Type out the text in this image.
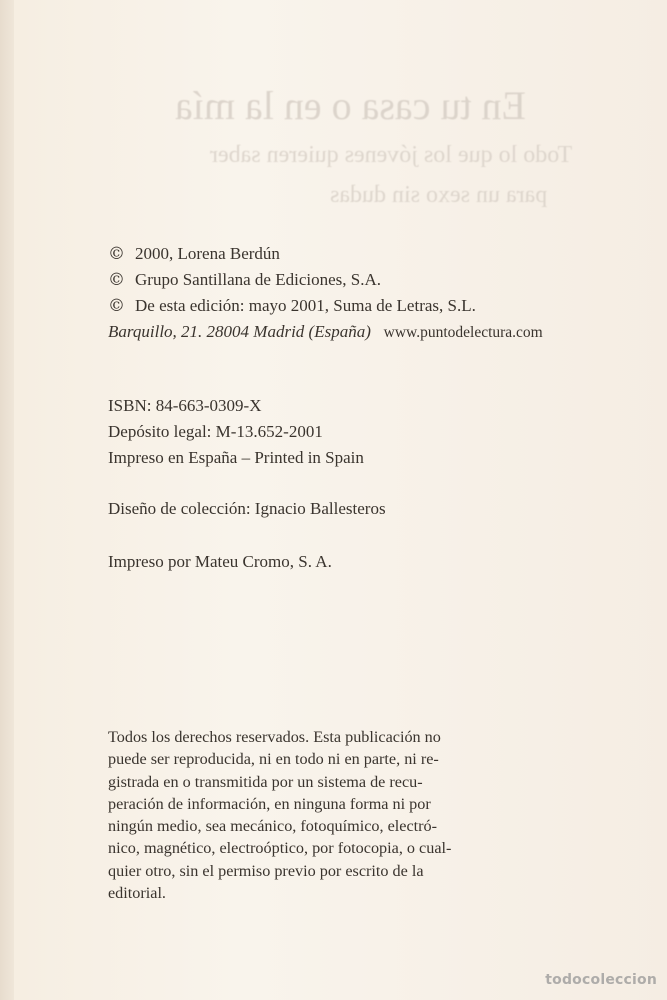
En tu casa o en la mía
Todo lo que los jóvenes quieren saber
para un sexo sin dudas
© 2000, Lorena Berdún
© Grupo Santillana de Ediciones, S.A.
© De esta edición: mayo 2001, Suma de Letras, S.L.
Barquillo, 21. 28004 Madrid (España) www.puntodelectura.com
ISBN: 84-663-0309-X
Depósito legal: M-13.652-2001
Impreso en España – Printed in Spain
Diseño de colección: Ignacio Ballesteros
Impreso por Mateu Cromo, S. A.
Todos los derechos reservados. Esta publicación no
puede ser reproducida, ni en todo ni en parte, ni re-
gistrada en o transmitida por un sistema de recu-
peración de información, en ninguna forma ni por
ningún medio, sea mecánico, fotoquímico, electró-
nico, magnético, electroóptico, por fotocopia, o cual-
quier otro, sin el permiso previo por escrito de la
editorial.
todocoleccion
